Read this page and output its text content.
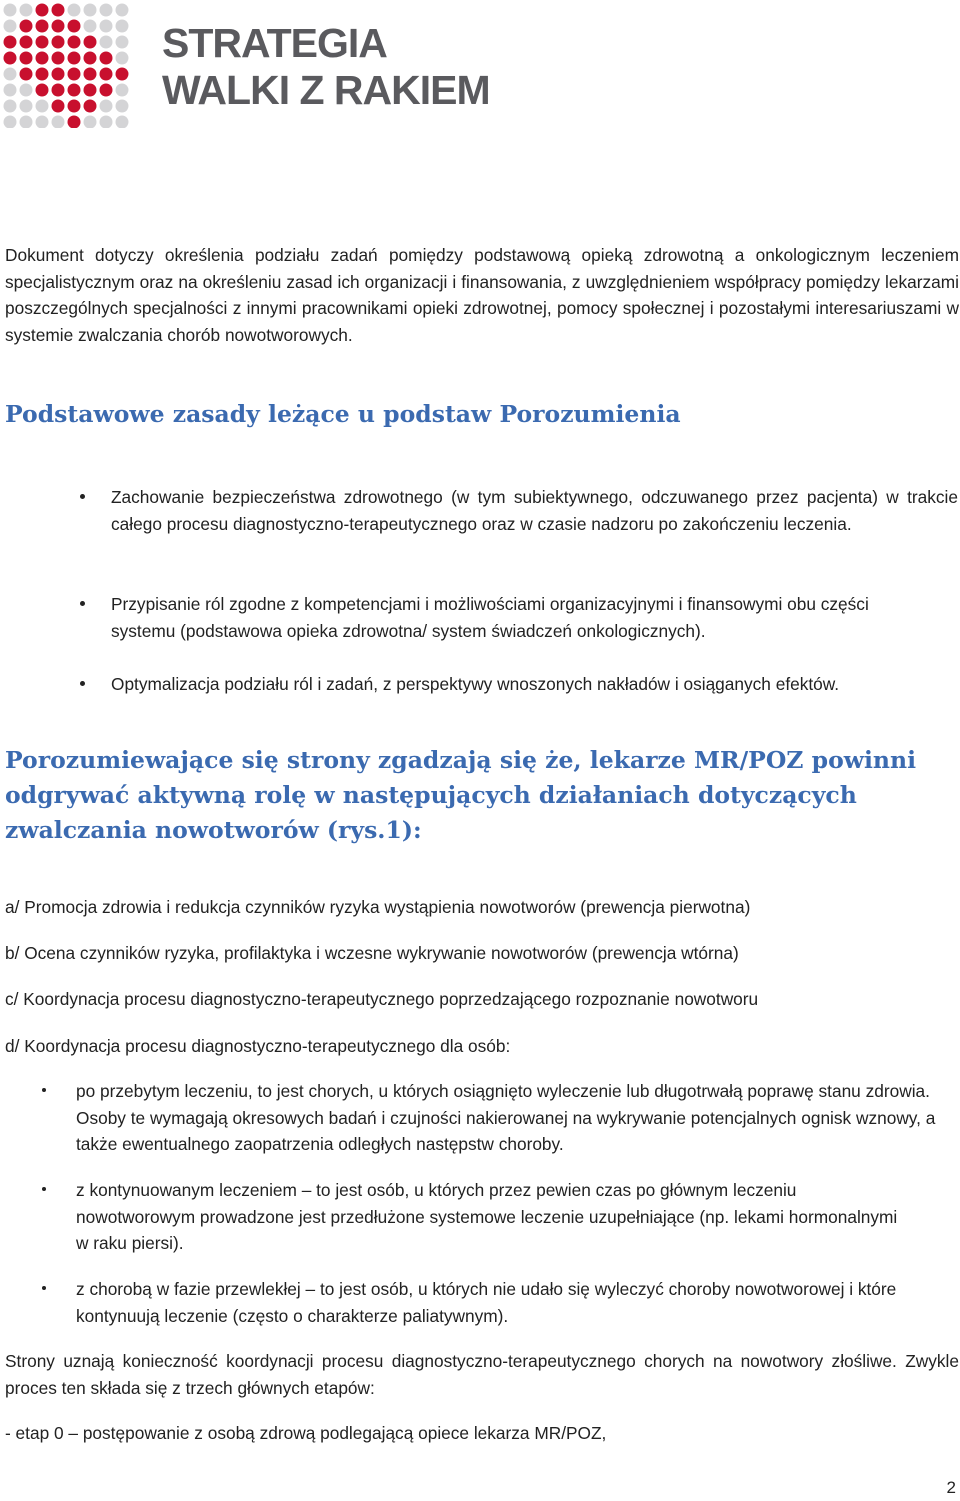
STRATEGIA
WALKI Z RAKIEM

Dokument dotyczy określenia podziału zadań pomiędzy podstawową opieką zdrowotną a onkologicznym leczeniem specjalistycznym oraz na określeniu zasad ich organizacji i finansowania, z uwzględnieniem współpracy pomiędzy lekarzami poszczególnych specjalności z innymi pracownikami opieki zdrowotnej, pomocy społecznej i pozostałymi interesariuszami w systemie zwalczania chorób nowotworowych.

Podstawowe zasady leżące u podstaw Porozumienia
Zachowanie bezpieczeństwa zdrowotnego (w tym subiektywnego, odczuwanego przez pacjenta) w trakcie całego procesu diagnostyczno-terapeutycznego oraz w czasie nadzoru po zakończeniu leczenia.
Przypisanie ról zgodne z kompetencjami i możliwościami organizacyjnymi i finansowymi obu części systemu (podstawowa opieka zdrowotna/ system świadczeń onkologicznych).
Optymalizacja podziału ról i zadań, z perspektywy wnoszonych nakładów i osiąganych efektów.
Porozumiewające się strony zgadzają się że, lekarze MR/POZ powinni odgrywać aktywną rolę w następujących działaniach dotyczących zwalczania nowotworów (rys.1):

a/ Promocja zdrowia i redukcja czynników ryzyka wystąpienia nowotworów (prewencja pierwotna)

b/ Ocena czynników ryzyka, profilaktyka i wczesne wykrywanie nowotworów (prewencja wtórna)

c/ Koordynacja procesu diagnostyczno-terapeutycznego poprzedzającego rozpoznanie nowotworu

d/ Koordynacja procesu diagnostyczno-terapeutycznego dla osób:

po przebytym leczeniu, to jest chorych, u których osiągnięto wyleczenie lub długotrwałą poprawę stanu zdrowia. Osoby te wymagają okresowych badań i czujności nakierowanej na wykrywanie potencjalnych ognisk wznowy, a także ewentualnego zaopatrzenia odległych następstw choroby.
z kontynuowanym leczeniem – to jest osób, u których przez pewien czas po głównym leczeniu nowotworowym prowadzone jest przedłużone systemowe leczenie uzupełniające (np. lekami hormonalnymi w raku piersi).
z chorobą w fazie przewlekłej – to jest osób, u których nie udało się wyleczyć choroby nowotworowej i które kontynuują leczenie (często o charakterze paliatywnym).

Strony uznają konieczność koordynacji procesu diagnostyczno-terapeutycznego chorych na nowotwory złośliwe. Zwykle proces ten składa się z trzech głównych etapów:

- etap 0 – postępowanie z osobą zdrową podlegającą opiece lekarza MR/POZ,

2
